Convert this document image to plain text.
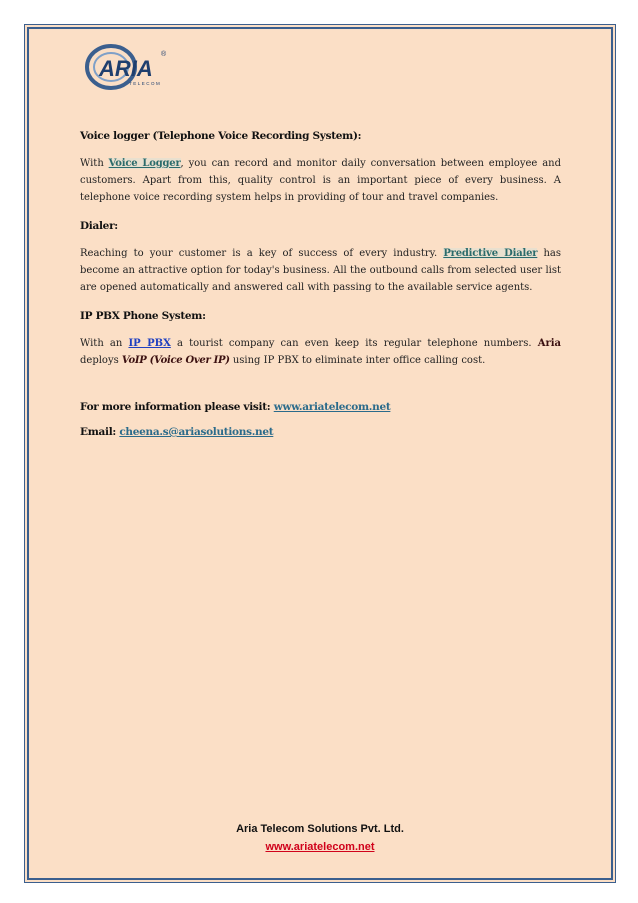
ARIA
®
TELECOM
Voice logger (Telephone Voice Recording System):

With Voice Logger, you can record and monitor daily conversation between employee and customers. Apart from this, quality control is an important piece of every business. A telephone voice recording system helps in providing of tour and travel companies.

Dialer:

Reaching to your customer is a key of success of every industry. Predictive Dialer has become an attractive option for today's business. All the outbound calls from selected user list are opened automatically and answered call with passing to the available service agents.

IP PBX Phone System:

With an IP PBX a tourist company can even keep its regular telephone numbers. Aria deploys VoIP (Voice Over IP) using IP PBX to eliminate inter office calling cost.

For more information please visit: www.ariatelecom.net
Email: cheena.s@ariasolutions.net
Aria Telecom Solutions Pvt. Ltd.
www.ariatelecom.net
